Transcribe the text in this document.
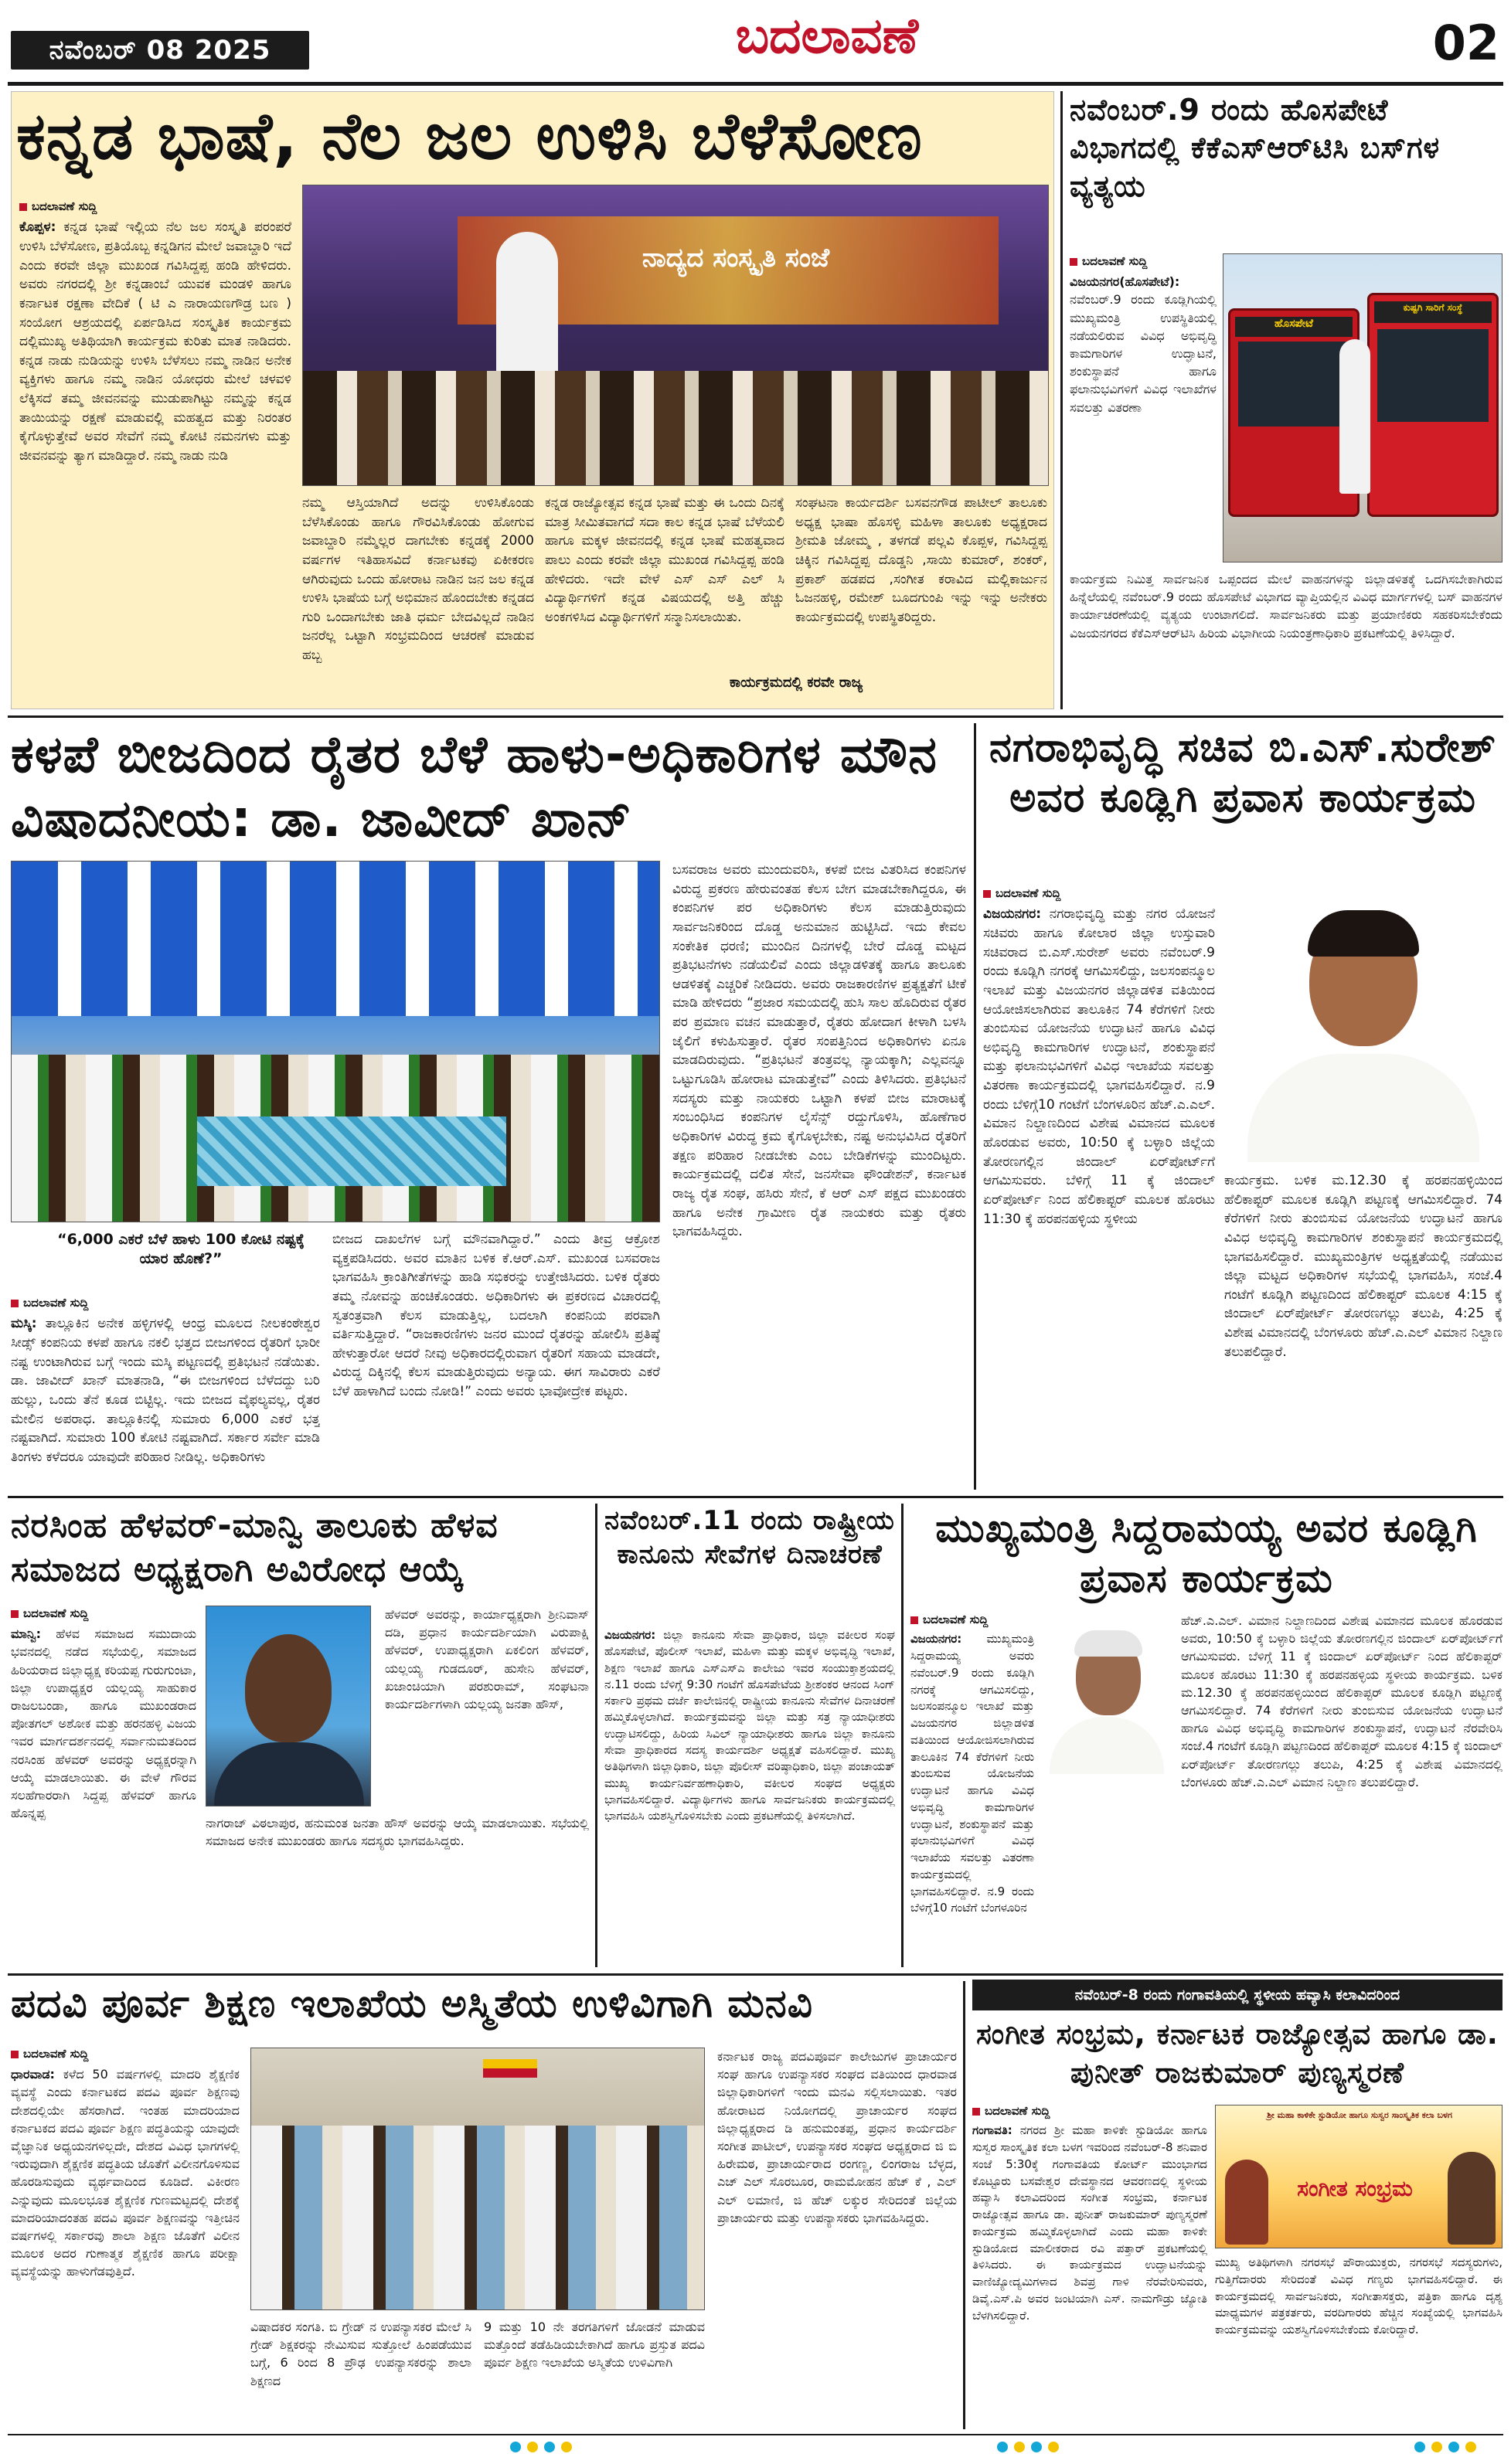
ನವೆಂಬರ್ 08 2025	ಬದಲಾವಣೆ	02
ಕನ್ನಡ ಭಾಷೆ, ನೆಲ ಜಲ ಉಳಿಸಿ ಬೆಳೆಸೋಣ
ಬದಲಾವಣೆ ಸುದ್ದಿ
ಕೊಪ್ಪಳ: ಕನ್ನಡ ಭಾಷೆ ಇಲ್ಲಿಯ ನೆಲ ಜಲ ಸಂಸ್ಕೃತಿ ಪರಂಪರೆ ಉಳಿಸಿ ಬೆಳೆಸೋಣ, ಪ್ರತಿಯೊಬ್ಬ ಕನ್ನಡಿಗನ ಮೇಲೆ ಜವಾಬ್ದಾರಿ ಇದೆ ಎಂದು ಕರವೇ ಜಿಲ್ಲಾ ಮುಖಂಡ ಗವಿಸಿದ್ದಪ್ಪ ಹಂಡಿ ಹೇಳಿದರು. ಅವರು ನಗರದಲ್ಲಿ ಶ್ರೀ ಕನ್ನಡಾಂಬೆ ಯುವಕ ಮಂಡಳಿ ಹಾಗೂ ಕರ್ನಾಟಕ ರಕ್ಷಣಾ ವೇದಿಕೆ ( ಟಿ ಎ ನಾರಾಯಣಗೌಡ್ರ ಬಣ ) ಸಂಯೋಗ ಆಶ್ರಯದಲ್ಲಿ ಏರ್ಪಡಿಸಿದ ಸಂಸ್ಕೃತಿಕ ಕಾರ್ಯಕ್ರಮ ದಲ್ಲಿಮುಖ್ಯ ಅತಿಥಿಯಾಗಿ ಕಾರ್ಯಕ್ರಮ ಕುರಿತು ಮಾತ ನಾಡಿದರು. ಕನ್ನಡ ನಾಡು ನುಡಿಯನ್ನು ಉಳಿಸಿ ಬೆಳೆಸಲು ನಮ್ಮ ನಾಡಿನ ಅನೇಕ ವ್ಯಕ್ತಿಗಳು ಹಾಗೂ ನಮ್ಮ ನಾಡಿನ ಯೋಧರು ಮೇಲೆ ಚಳವಳಿ ಲೆಕ್ಕಿಸದೆ ತಮ್ಮ ಜೀವನವನ್ನು ಮುಡುಪಾಗಿಟ್ಟು ನಮ್ಮನ್ನು ಕನ್ನಡ ತಾಯಿಯನ್ನು ರಕ್ಷಣೆ ಮಾಡುವಲ್ಲಿ ಮಹತ್ವದ ಮತ್ತು ನಿರಂತರ ಕೈಗೊಳ್ಳುತ್ತೇವೆ ಅವರ ಸೇವೆಗೆ ನಮ್ಮ ಕೋಟಿ ನಮನಗಳು ಮತ್ತು ಜೀವನವನ್ನು ತ್ಯಾಗ ಮಾಡಿದ್ದಾರೆ. ನಮ್ಮ ನಾಡು ನುಡಿ
ನಾದ್ಯದ ಸಂಸ್ಕೃತಿ ಸಂಜೆ
ನಮ್ಮ ಆಸ್ತಿಯಾಗಿದೆ ಅದನ್ನು ಉಳಿಸಿಕೊಂಡು ಬೆಳೆಸಿಕೊಂಡು ಹಾಗೂ ಗೌರವಿಸಿಕೊಂಡು ಹೋಗುವ ಜವಾಬ್ದಾರಿ ನಮ್ಮೆಲ್ಲರ ದಾಗಬೇಕು ಕನ್ನಡಕ್ಕೆ 2000 ವರ್ಷಗಳ ಇತಿಹಾಸವಿದೆ ಕರ್ನಾಟಕವು ಏಕೀಕರಣ ಆಗಿರುವುದು ಒಂದು ಹೋರಾಟ ನಾಡಿನ ಜನ ಜಲ ಕನ್ನಡ ಉಳಿಸಿ ಭಾಷೆಯ ಬಗ್ಗೆ ಅಭಿಮಾನ ಹೊಂದಬೇಕು ಕನ್ನಡದ ಗುರಿ ಒಂದಾಗಬೇಕು ಜಾತಿ ಧರ್ಮ ಬೇದವಿಲ್ಲದೆ ನಾಡಿನ ಜನರೆಲ್ಲ ಒಟ್ಟಾಗಿ ಸಂಭ್ರಮದಿಂದ ಆಚರಣೆ ಮಾಡುವ ಹಬ್ಬ
ಕನ್ನಡ ರಾಜ್ಯೋತ್ಸವ ಕನ್ನಡ ಭಾಷೆ ಮತ್ತು ಈ ಒಂದು ದಿನಕ್ಕೆ ಮಾತ್ರ ಸೀಮಿತವಾಗದೆ ಸದಾ ಕಾಲ ಕನ್ನಡ ಭಾಷೆ ಬೆಳೆಯಲಿ ಹಾಗೂ ಮಕ್ಕಳ ಜೀವನದಲ್ಲಿ ಕನ್ನಡ ಭಾಷೆ ಮಹತ್ವವಾದ ಪಾಲು ಎಂದು ಕರವೇ ಜಿಲ್ಲಾ ಮುಖಂಡ ಗವಿಸಿದ್ದಪ್ಪ ಹಂಡಿ ಹೇಳಿದರು. ಇದೇ ವೇಳೆ ಎಸ್ ಎಸ್ ಎಲ್ ಸಿ ವಿದ್ಯಾರ್ಥಿಗಳಿಗೆ ಕನ್ನಡ ವಿಷಯದಲ್ಲಿ ಅತ್ತಿ ಹೆಚ್ಚು ಅಂಕಗಳಿಸಿದ ವಿದ್ಯಾರ್ಥಿಗಳಿಗೆ ಸನ್ಮಾನಿಸಲಾಯಿತು.
ಸಂಘಟನಾ ಕಾರ್ಯದರ್ಶಿ ಬಸವನಗೌಡ ಪಾಟೀಲ್ ತಾಲೂಕು ಅಧ್ಯಕ್ಷ ಭಾಷಾ ಹೊಸಳ್ಳಿ ಮಹಿಳಾ ತಾಲೂಕು ಅಧ್ಯಕ್ಷರಾದ ಶ್ರೀಮತಿ ಜೋಮ್ಮ , ತಳಗಡೆ ಪಲ್ಲವಿ ಕೊಪ್ಪಳ, ಗವಿಸಿದ್ದಪ್ಪ ಚಿಕ್ಕಿನ ಗವಿಸಿದ್ದಪ್ಪ ದೊಡ್ಡನಿ ,ಸಾಯಿ ಕುಮಾರ್, ಶಂಕರ್, ಪ್ರಕಾಶ್ ಹಡಪದ ,ಸಂಗೀತ ಕರಾವಿದ ಮಲ್ಲಿಕಾರ್ಜುನ ಓಜನಹಳ್ಳಿ, ರಮೇಶ್ ಬೂದಗುಂಪಿ ಇನ್ನು ಇನ್ನು ಅನೇಕರು ಕಾರ್ಯಕ್ರಮದಲ್ಲಿ ಉಪಸ್ಥಿತರಿದ್ದರು.
ಕಾರ್ಯಕ್ರಮದಲ್ಲಿ ಕರವೇ ರಾಜ್ಯ
ನವೆಂಬರ್.9 ರಂದು ಹೊಸಪೇಟೆ ವಿಭಾಗದಲ್ಲಿ ಕೆಕೆಎಸ್‌ಆರ್‌ಟಿಸಿ ಬಸ್‌ಗಳ ವ್ಯತ್ಯಯ
ಬದಲಾವಣೆ ಸುದ್ದಿ
ವಿಜಯನಗರ(ಹೊಸಪೇಟೆ): ನವೆಂಬರ್.9 ರಂದು ಕೂಡ್ಲಿಗಿಯಲ್ಲಿ ಮುಖ್ಯಮಂತ್ರಿ ಉಪಸ್ಥಿತಿಯಲ್ಲಿ ನಡೆಯಲಿರುವ ವಿವಿಧ ಅಭಿವೃದ್ಧಿ ಕಾಮಗಾರಿಗಳ ಉದ್ಘಾಟನೆ, ಶಂಕುಸ್ಥಾಪನೆ ಹಾಗೂ ಫಲಾನುಭವಿಗಳಿಗೆ ವಿವಿಧ ಇಲಾಖೆಗಳ ಸವಲತ್ತು ವಿತರಣಾ
ಹೊಸಪೇಟೆ
ಕುಷ್ಟಗಿ ಸಾರಿಗೆ ಸಂಸ್ಥೆ
ಕಾರ್ಯಕ್ರಮ ನಿಮಿತ್ತ ಸಾರ್ವಜನಿಕ ಒಪ್ಪಂದದ ಮೇಲೆ ವಾಹನಗಳನ್ನು ಜಿಲ್ಲಾಡಳಿತಕ್ಕೆ ಒದಗಿಸಬೇಕಾಗಿರುವ ಹಿನ್ನೆಲೆಯಲ್ಲಿ ನವೆಂಬರ್.9 ರಂದು ಹೊಸಪೇಟೆ ವಿಭಾಗದ ವ್ಯಾಪ್ತಿಯಲ್ಲಿನ ವಿವಿಧ ಮಾರ್ಗಗಳಲ್ಲಿ ಬಸ್ ವಾಹನಗಳ ಕಾರ್ಯಾಚರಣೆಯಲ್ಲಿ ವ್ಯತ್ಯಯ ಉಂಟಾಗಲಿದೆ. ಸಾರ್ವಜನಿಕರು ಮತ್ತು ಪ್ರಯಾಣಿಕರು ಸಹಕರಿಸಬೇಕೆಂದು ವಿಜಯನಗರದ ಕೆಕೆಎಸ್‌ಆರ್‌ಟಿಸಿ ಹಿರಿಯ ವಿಭಾಗೀಯ ನಿಯಂತ್ರಣಾಧಿಕಾರಿ ಪ್ರಕಟಣೆಯಲ್ಲಿ ತಿಳಿಸಿದ್ದಾರೆ.
ಕಳಪೆ ಬೀಜದಿಂದ ರೈತರ ಬೆಳೆ ಹಾಳು-ಅಧಿಕಾರಿಗಳ ಮೌನ ವಿಷಾದನೀಯ: ಡಾ. ಜಾವೀದ್ ಖಾನ್
“6,000 ಎಕರೆ ಬೆಳೆ ಹಾಳು 100 ಕೋಟಿ ನಷ್ಟಕ್ಕೆ ಯಾರ ಹೊಣೆ?”
ಬದಲಾವಣೆ ಸುದ್ದಿ
ಮಸ್ಕಿ: ತಾಲ್ಲೂಕಿನ ಅನೇಕ ಹಳ್ಳಿಗಳಲ್ಲಿ ಆಂಧ್ರ ಮೂಲದ ನೀಲಕಂಠೇಶ್ವರ ಸೀಡ್ಸ್ ಕಂಪನಿಯ ಕಳಪೆ ಹಾಗೂ ನಕಲಿ ಭತ್ತದ ಬೀಜಗಳಿಂದ ರೈತರಿಗೆ ಭಾರೀ ನಷ್ಟ ಉಂಟಾಗಿರುವ ಬಗ್ಗೆ ಇಂದು ಮಸ್ಕಿ ಪಟ್ಟಣದಲ್ಲಿ ಪ್ರತಿಭಟನೆ ನಡೆಯಿತು. ಡಾ. ಜಾವೀದ್ ಖಾನ್ ಮಾತನಾಡಿ, “ಈ ಬೀಜಗಳಿಂದ ಬೆಳೆದದ್ದು ಬರಿ ಹುಲ್ಲು, ಒಂದು ತೆನೆ ಕೂಡ ಬಿಟ್ಟಿಲ್ಲ. ಇದು ಬೀಜದ ವೈಫಲ್ಯವಲ್ಲ, ರೈತರ ಮೇಲಿನ ಅಪರಾಧ. ತಾಲ್ಲೂಕಿನಲ್ಲಿ ಸುಮಾರು 6,000 ಎಕರೆ ಭತ್ತ ನಷ್ಟವಾಗಿದೆ. ಸುಮಾರು 100 ಕೋಟಿ ನಷ್ಟವಾಗಿದೆ. ಸರ್ಕಾರ ಸರ್ವೇ ಮಾಡಿ ತಿಂಗಳು ಕಳೆದರೂ ಯಾವುದೇ ಪರಿಹಾರ ನೀಡಿಲ್ಲ. ಅಧಿಕಾರಿಗಳು
ಬೀಜದ ದಾಖಲೆಗಳ ಬಗ್ಗೆ ಮೌನವಾಗಿದ್ದಾರೆ.” ಎಂದು ತೀವ್ರ ಆಕ್ರೋಶ ವ್ಯಕ್ತಪಡಿಸಿದರು. ಅವರ ಮಾತಿನ ಬಳಿಕ ಕೆ.ಆರ್.ಎಸ್. ಮುಖಂಡ ಬಸವರಾಜ ಭಾಗವಹಿಸಿ ಕ್ರಾಂತಿಗೀತೆಗಳನ್ನು ಹಾಡಿ ಸಭಿಕರನ್ನು ಉತ್ತೇಜಿಸಿದರು. ಬಳಿಕ ರೈತರು ತಮ್ಮ ನೋವನ್ನು ಹಂಚಿಕೊಂಡರು. ಅಧಿಕಾರಿಗಳು ಈ ಪ್ರಕರಣದ ವಿಚಾರದಲ್ಲಿ ಸ್ವತಂತ್ರವಾಗಿ ಕೆಲಸ ಮಾಡುತ್ತಿಲ್ಲ, ಬದಲಾಗಿ ಕಂಪನಿಯ ಪರವಾಗಿ ವರ್ತಿಸುತ್ತಿದ್ದಾರೆ. “ರಾಜಕಾರಣಿಗಳು ಜನರ ಮುಂದೆ ರೈತರನ್ನು ಹೋಲಿಸಿ ಪ್ರತಿಷ್ಠೆ ಹೇಳುತ್ತಾರೋ ಆದರೆ ನೀವು ಅಧಿಕಾರದಲ್ಲಿರುವಾಗ ರೈತರಿಗೆ ಸಹಾಯ ಮಾಡದೇ, ವಿರುದ್ಧ ದಿಕ್ಕಿನಲ್ಲಿ ಕೆಲಸ ಮಾಡುತ್ತಿರುವುದು ಅನ್ಯಾಯ. ಈಗ ಸಾವಿರಾರು ಎಕರೆ ಬೆಳೆ ಹಾಳಾಗಿದೆ ಬಂದು ನೋಡಿ!” ಎಂದು ಅವರು ಭಾವೋದ್ರೇಕ ಪಟ್ಟರು.
ಬಸವರಾಜ ಅವರು ಮುಂದುವರಿಸಿ, ಕಳಪೆ ಬೀಜ ವಿತರಿಸಿದ ಕಂಪನಿಗಳ ವಿರುದ್ಧ ಪ್ರಕರಣ ಹೇರುವಂತಹ ಕೆಲಸ ಬೇಗ ಮಾಡಬೇಕಾಗಿದ್ದರೂ, ಈ ಕಂಪನಿಗಳ ಪರ ಅಧಿಕಾರಿಗಳು ಕೆಲಸ ಮಾಡುತ್ತಿರುವುದು ಸಾರ್ವಜನಿಕರಿಂದ ದೊಡ್ಡ ಅನುಮಾನ ಹುಟ್ಟಿಸಿದೆ. ಇದು ಕೇವಲ ಸಂಕೇತಿಕ ಧರಣಿ; ಮುಂದಿನ ದಿನಗಳಲ್ಲಿ ಬೇರೆ ದೊಡ್ಡ ಮಟ್ಟದ ಪ್ರತಿಭಟನೆಗಳು ನಡೆಯಲಿವೆ ಎಂದು ಜಿಲ್ಲಾಡಳಿತಕ್ಕೆ ಹಾಗೂ ತಾಲೂಕು ಆಡಳಿತಕ್ಕೆ ಎಚ್ಚರಿಕೆ ನೀಡಿದರು. ಅವರು ರಾಜಕಾರಣಿಗಳ ಪ್ರತ್ಯಕ್ಷತೆಗೆ ಟೀಕೆ ಮಾಡಿ ಹೇಳಿದರು “ಪ್ರಜಾರ ಸಮಯದಲ್ಲಿ ಹುಸಿ ಸಾಲ ಹೊದಿರುವ ರೈತರ ಪರ ಪ್ರಮಾಣ ವಚನ ಮಾಡುತ್ತಾರೆ, ರೈತರು ಹೋದಾಗ ಕೀಳಾಗಿ ಬಳಸಿ ಜೈಲಿಗೆ ಕಳುಹಿಸುತ್ತಾರೆ. ರೈತರ ಸಂಪತ್ತಿನಿಂದ ಅಧಿಕಾರಿಗಳು ಏನೂ ಮಾಡದಿರುವುದು. “ಪ್ರತಿಭಟನೆ ತಂತ್ರವಲ್ಲ ನ್ಯಾಯಕ್ಕಾಗಿ; ಎಲ್ಲವನ್ನೂ ಒಟ್ಟುಗೂಡಿಸಿ ಹೋರಾಟ ಮಾಡುತ್ತೇವೆ” ಎಂದು ತಿಳಿಸಿದರು. ಪ್ರತಿಭಟನೆ ಸದಸ್ಯರು ಮತ್ತು ನಾಯಕರು ಒಟ್ಟಾಗಿ ಕಳಪೆ ಬೀಜ ಮಾರಾಟಕ್ಕೆ ಸಂಬಂಧಿಸಿದ ಕಂಪನಿಗಳ ಲೈಸೆನ್ಸ್ ರದ್ದುಗೊಳಿಸಿ, ಹೊಣೆಗಾರ ಅಧಿಕಾರಿಗಳ ವಿರುದ್ಧ ಕ್ರಮ ಕೈಗೊಳ್ಳಬೇಕು, ನಷ್ಟ ಅನುಭವಿಸಿದ ರೈತರಿಗೆ ತಕ್ಷಣ ಪರಿಹಾರ ನೀಡಬೇಕು ಎಂಬ ಬೇಡಿಕೆಗಳನ್ನು ಮುಂದಿಟ್ಟರು. ಕಾರ್ಯಕ್ರಮದಲ್ಲಿ ದಲಿತ ಸೇನೆ, ಜನಸೇವಾ ಫೌಂಡೇಶನ್, ಕರ್ನಾಟಕ ರಾಜ್ಯ ರೈತ ಸಂಘ, ಹಸಿರು ಸೇನೆ, ಕೆ ಆರ್ ಎಸ್ ಪಕ್ಷದ ಮುಖಂಡರು ಹಾಗೂ ಅನೇಕ ಗ್ರಾಮೀಣ ರೈತ ನಾಯಕರು ಮತ್ತು ರೈತರು ಭಾಗವಹಿಸಿದ್ದರು.
ನಗರಾಭಿವೃದ್ಧಿ ಸಚಿವ ಬಿ.ಎಸ್.ಸುರೇಶ್ ಅವರ ಕೂಡ್ಲಿಗಿ ಪ್ರವಾಸ ಕಾರ್ಯಕ್ರಮ
ಬದಲಾವಣೆ ಸುದ್ದಿ
ವಿಜಯನಗರ: ನಗರಾಭಿವೃದ್ಧಿ ಮತ್ತು ನಗರ ಯೋಜನೆ ಸಚಿವರು ಹಾಗೂ ಕೋಲಾರ ಜಿಲ್ಲಾ ಉಸ್ತುವಾರಿ ಸಚಿವರಾದ ಬಿ.ಎಸ್.ಸುರೇಶ್ ಅವರು ನವೆಂಬರ್.9 ರಂದು ಕೂಡ್ಲಿಗಿ ನಗರಕ್ಕೆ ಆಗಮಿಸಲಿದ್ದು, ಜಲಸಂಪನ್ಮೂಲ ಇಲಾಖೆ ಮತ್ತು ವಿಜಯನಗರ ಜಿಲ್ಲಾಡಳಿತ ವತಿಯಿಂದ ಆಯೋಜಿಸಲಾಗಿರುವ ತಾಲೂಕಿನ 74 ಕೆರೆಗಳಿಗೆ ನೀರು ತುಂಬಿಸುವ ಯೋಜನೆಯ ಉದ್ಘಾಟನೆ ಹಾಗೂ ವಿವಿಧ ಅಭಿವೃದ್ಧಿ ಕಾಮಗಾರಿಗಳ ಉದ್ಘಾಟನೆ, ಶಂಕುಸ್ಥಾಪನೆ ಮತ್ತು ಫಲಾನುಭವಿಗಳಿಗೆ ವಿವಿಧ ಇಲಾಖೆಯ ಸವಲತ್ತು ವಿತರಣಾ ಕಾರ್ಯಕ್ರಮದಲ್ಲಿ ಭಾಗವಹಿಸಲಿದ್ದಾರೆ. ನ.9 ರಂದು ಬೆಳಿಗ್ಗೆ10 ಗಂಟೆಗೆ ಬೆಂಗಳೂರಿನ ಹೆಚ್.ಎ.ಎಲ್. ವಿಮಾನ ನಿಲ್ದಾಣದಿಂದ ವಿಶೇಷ ವಿಮಾನದ ಮೂಲಕ ಹೊರಡುವ ಅವರು, 10:50 ಕ್ಕೆ ಬಳ್ಳಾರಿ ಜಿಲ್ಲೆಯ ತೋರಣಗಲ್ಲಿನ ಜಿಂದಾಲ್ ಏರ್‌ಪೋರ್ಟ್‌ಗೆ ಆಗಮಿಸುವರು. ಬೆಳಿಗ್ಗೆ 11 ಕ್ಕೆ ಜಿಂದಾಲ್ ಏರ್‌ಪೋರ್ಟ್ ನಿಂದ ಹೆಲಿಕಾಪ್ಟರ್ ಮೂಲಕ ಹೊರಟು 11:30 ಕ್ಕೆ ಹರಪನಹಳ್ಳಿಯ ಸ್ಥಳೀಯ
ಕಾರ್ಯಕ್ರಮ. ಬಳಿಕ ಮ.12.30 ಕ್ಕೆ ಹರಪನಹಳ್ಳಿಯಿಂದ ಹೆಲಿಕಾಪ್ಟರ್ ಮೂಲಕ ಕೂಡ್ಲಿಗಿ ಪಟ್ಟಣಕ್ಕೆ ಆಗಮಿಸಲಿದ್ದಾರೆ. 74 ಕೆರೆಗಳಿಗೆ ನೀರು ತುಂಬಿಸುವ ಯೋಜನೆಯ ಉದ್ಘಾಟನೆ ಹಾಗೂ ವಿವಿಧ ಅಭಿವೃದ್ಧಿ ಕಾಮಗಾರಿಗಳ ಶಂಕುಸ್ಥಾಪನೆ ಕಾರ್ಯಕ್ರಮದಲ್ಲಿ ಭಾಗವಹಿಸಲಿದ್ದಾರೆ. ಮುಖ್ಯಮಂತ್ರಿಗಳ ಅಧ್ಯಕ್ಷತೆಯಲ್ಲಿ ನಡೆಯುವ ಜಿಲ್ಲಾ ಮಟ್ಟದ ಅಧಿಕಾರಿಗಳ ಸಭೆಯಲ್ಲಿ ಭಾಗವಹಿಸಿ, ಸಂಜೆ.4 ಗಂಟೆಗೆ ಕೂಡ್ಲಿಗಿ ಪಟ್ಟಣದಿಂದ ಹೆಲಿಕಾಪ್ಟರ್ ಮೂಲಕ 4:15 ಕ್ಕೆ ಜಿಂದಾಲ್ ಏರ್‌ಪೋರ್ಟ್ ತೋರಣಗಲ್ಲು ತಲುಪಿ, 4:25 ಕ್ಕೆ ವಿಶೇಷ ವಿಮಾನದಲ್ಲಿ ಬೆಂಗಳೂರು ಹೆಚ್.ಎ.ಎಲ್ ವಿಮಾನ ನಿಲ್ದಾಣ ತಲುಪಲಿದ್ದಾರೆ.
ನರಸಿಂಹ ಹೆಳವರ್-ಮಾನ್ವಿ ತಾಲೂಕು ಹೆಳವ ಸಮಾಜದ ಅಧ್ಯಕ್ಷರಾಗಿ ಅವಿರೋಧ ಆಯ್ಕೆ
ಬದಲಾವಣೆ ಸುದ್ದಿ
ಮಾನ್ವಿ: ಹೆಳವ ಸಮಾಜದ ಸಮುದಾಯ ಭವನದಲ್ಲಿ ನಡೆದ ಸಭೆಯಲ್ಲಿ, ಸಮಾಜದ ಹಿರಿಯರಾದ ಜಿಲ್ಲಾಧ್ಯಕ್ಷ ಕರಿಯಪ್ಪ ಗುರುಗುಂಟಾ, ಜಿಲ್ಲಾ ಉಪಾಧ್ಯಕ್ಷರ ಯಲ್ಲಯ್ಯ ಸಾಹುಕಾರ ರಾಜಲಬಂಡಾ, ಹಾಗೂ ಮುಖಂಡರಾದ ಪೋತಗಲ್ ಅಶೋಕ ಮತ್ತು ಹರನಹಳ್ಳಿ ವಿಜಯ ಇವರ ಮಾರ್ಗದರ್ಶನದಲ್ಲಿ ಸರ್ವಾನುಮತದಿಂದ ನರಸಿಂಹ ಹೆಳವರ್ ಅವರನ್ನು ಅಧ್ಯಕ್ಷರನ್ನಾಗಿ ಆಯ್ಕೆ ಮಾಡಲಾಯಿತು. ಈ ವೇಳೆ ಗೌರವ ಸಲಹೆಗಾರರಾಗಿ ಸಿದ್ದಪ್ಪ ಹೆಳವರ್ ಹಾಗೂ ಹೊನ್ನಪ್ಪ
ಹೆಳವರ್ ಅವರನ್ನು, ಕಾರ್ಯಾಧ್ಯಕ್ಷರಾಗಿ ಶ್ರೀನಿವಾಸ್ ದಡಿ, ಪ್ರಧಾನ ಕಾರ್ಯದರ್ಶಿಯಾಗಿ ವಿರುಪಾಕ್ಷಿ ಹೆಳವರ್, ಉಪಾಧ್ಯಕ್ಷರಾಗಿ ಏಕಲಿಂಗ ಹೆಳವರ್, ಯಲ್ಲಯ್ಯ ಗುಡದೂರ್, ಹುಸೇನಿ ಹೆಳವರ್, ಖಜಾಂಚಿಯಾಗಿ ಪರಶುರಾಮ್, ಸಂಘಟನಾ ಕಾರ್ಯದರ್ಶಿಗಳಾಗಿ ಯಲ್ಲಯ್ಯ ಜನತಾ ಹೌಸ್,
ನಾಗರಾಜ್ ವಿಠಲಾಪುರ, ಹನುಮಂತ ಜನತಾ ಹೌಸ್ ಅವರನ್ನು ಆಯ್ಕೆ ಮಾಡಲಾಯಿತು. ಸಭೆಯಲ್ಲಿ ಸಮಾಜದ ಅನೇಕ ಮುಖಂಡರು ಹಾಗೂ ಸದಸ್ಯರು ಭಾಗವಹಿಸಿದ್ದರು.
ನವೆಂಬರ್.11 ರಂದು ರಾಷ್ಟ್ರೀಯ ಕಾನೂನು ಸೇವೆಗಳ ದಿನಾಚರಣೆ
ವಿಜಯನಗರ: ಜಿಲ್ಲಾ ಕಾನೂನು ಸೇವಾ ಪ್ರಾಧಿಕಾರ, ಜಿಲ್ಲಾ ವಕೀಲರ ಸಂಘ ಹೊಸಪೇಟೆ, ಪೊಲೀಸ್ ಇಲಾಖೆ, ಮಹಿಳಾ ಮತ್ತು ಮಕ್ಕಳ ಅಭಿವೃದ್ಧಿ ಇಲಾಖೆ, ಶಿಕ್ಷಣ ಇಲಾಖೆ ಹಾಗೂ ಎಸ್‌ಎಸ್‌ಎ ಕಾಲೇಜು ಇವರ ಸಂಯುಕ್ತಾಶ್ರಯದಲ್ಲಿ ನ.11 ರಂದು ಬೆಳಿಗ್ಗೆ 9:30 ಗಂಟೆಗೆ ಹೊಸಪೇಟೆಯ ಶ್ರೀಶಂಕರ ಆನಂದ ಸಿಂಗ್ ಸರ್ಕಾರಿ ಪ್ರಥಮ ದರ್ಜೆ ಕಾಲೇಜಿನಲ್ಲಿ ರಾಷ್ಟ್ರೀಯ ಕಾನೂನು ಸೇವೆಗಳ ದಿನಾಚರಣೆ ಹಮ್ಮಿಕೊಳ್ಳಲಾಗಿದೆ. ಕಾರ್ಯಕ್ರಮವನ್ನು ಜಿಲ್ಲಾ ಮತ್ತು ಸತ್ರ ನ್ಯಾಯಾಧೀಶರು ಉದ್ಘಾಟಿಸಲಿದ್ದು, ಹಿರಿಯ ಸಿವಿಲ್ ನ್ಯಾಯಾಧೀಶರು ಹಾಗೂ ಜಿಲ್ಲಾ ಕಾನೂನು ಸೇವಾ ಪ್ರಾಧಿಕಾರದ ಸದಸ್ಯ ಕಾರ್ಯದರ್ಶಿ ಅಧ್ಯಕ್ಷತೆ ವಹಿಸಲಿದ್ದಾರೆ. ಮುಖ್ಯ ಅತಿಥಿಗಳಾಗಿ ಜಿಲ್ಲಾಧಿಕಾರಿ, ಜಿಲ್ಲಾ ಪೊಲೀಸ್ ವರಿಷ್ಠಾಧಿಕಾರಿ, ಜಿಲ್ಲಾ ಪಂಚಾಯತ್ ಮುಖ್ಯ ಕಾರ್ಯನಿರ್ವಹಣಾಧಿಕಾರಿ, ವಕೀಲರ ಸಂಘದ ಅಧ್ಯಕ್ಷರು ಭಾಗವಹಿಸಲಿದ್ದಾರೆ. ವಿದ್ಯಾರ್ಥಿಗಳು ಹಾಗೂ ಸಾರ್ವಜನಿಕರು ಕಾರ್ಯಕ್ರಮದಲ್ಲಿ ಭಾಗವಹಿಸಿ ಯಶಸ್ವಿಗೊಳಿಸಬೇಕು ಎಂದು ಪ್ರಕಟಣೆಯಲ್ಲಿ ತಿಳಿಸಲಾಗಿದೆ.
ಮುಖ್ಯಮಂತ್ರಿ ಸಿದ್ದರಾಮಯ್ಯ ಅವರ ಕೂಡ್ಲಿಗಿ ಪ್ರವಾಸ ಕಾರ್ಯಕ್ರಮ
ಬದಲಾವಣೆ ಸುದ್ದಿ
ವಿಜಯನಗರ: ಮುಖ್ಯಮಂತ್ರಿ ಸಿದ್ದರಾಮಯ್ಯ ಅವರು ನವೆಂಬರ್.9 ರಂದು ಕೂಡ್ಲಿಗಿ ನಗರಕ್ಕೆ ಆಗಮಿಸಲಿದ್ದು, ಜಲಸಂಪನ್ಮೂಲ ಇಲಾಖೆ ಮತ್ತು ವಿಜಯನಗರ ಜಿಲ್ಲಾಡಳಿತ ವತಿಯಿಂದ ಆಯೋಜಿಸಲಾಗಿರುವ ತಾಲೂಕಿನ 74 ಕೆರೆಗಳಿಗೆ ನೀರು ತುಂಬಿಸುವ ಯೋಜನೆಯ ಉದ್ಘಾಟನೆ ಹಾಗೂ ವಿವಿಧ ಅಭಿವೃದ್ಧಿ ಕಾಮಗಾರಿಗಳ ಉದ್ಘಾಟನೆ, ಶಂಕುಸ್ಥಾಪನೆ ಮತ್ತು ಫಲಾನುಭವಿಗಳಿಗೆ ವಿವಿಧ ಇಲಾಖೆಯ ಸವಲತ್ತು ವಿತರಣಾ ಕಾರ್ಯಕ್ರಮದಲ್ಲಿ ಭಾಗವಹಿಸಲಿದ್ದಾರೆ. ನ.9 ರಂದು ಬೆಳಿಗ್ಗೆ10 ಗಂಟೆಗೆ ಬೆಂಗಳೂರಿನ
ಹೆಚ್.ಎ.ಎಲ್. ವಿಮಾನ ನಿಲ್ದಾಣದಿಂದ ವಿಶೇಷ ವಿಮಾನದ ಮೂಲಕ ಹೊರಡುವ ಅವರು, 10:50 ಕ್ಕೆ ಬಳ್ಳಾರಿ ಜಿಲ್ಲೆಯ ತೋರಣಗಲ್ಲಿನ ಜಿಂದಾಲ್ ಏರ್‌ಪೋರ್ಟ್‌ಗೆ ಆಗಮಿಸುವರು. ಬೆಳಿಗ್ಗೆ 11 ಕ್ಕೆ ಜಿಂದಾಲ್ ಏರ್‌ಪೋರ್ಟ್ ನಿಂದ ಹೆಲಿಕಾಪ್ಟರ್ ಮೂಲಕ ಹೊರಟು 11:30 ಕ್ಕೆ ಹರಪನಹಳ್ಳಿಯ ಸ್ಥಳೀಯ ಕಾರ್ಯಕ್ರಮ. ಬಳಿಕ ಮ.12.30 ಕ್ಕೆ ಹರಪನಹಳ್ಳಿಯಿಂದ ಹೆಲಿಕಾಪ್ಟರ್ ಮೂಲಕ ಕೂಡ್ಲಿಗಿ ಪಟ್ಟಣಕ್ಕೆ ಆಗಮಿಸಲಿದ್ದಾರೆ. 74 ಕೆರೆಗಳಿಗೆ ನೀರು ತುಂಬಿಸುವ ಯೋಜನೆಯ ಉದ್ಘಾಟನೆ ಹಾಗೂ ವಿವಿಧ ಅಭಿವೃದ್ಧಿ ಕಾಮಗಾರಿಗಳ ಶಂಕುಸ್ಥಾಪನೆ, ಉದ್ಘಾಟನೆ ನೆರವೇರಿಸಿ ಸಂಜೆ.4 ಗಂಟೆಗೆ ಕೂಡ್ಲಿಗಿ ಪಟ್ಟಣದಿಂದ ಹೆಲಿಕಾಪ್ಟರ್ ಮೂಲಕ 4:15 ಕ್ಕೆ ಜಿಂದಾಲ್ ಏರ್‌ಪೋರ್ಟ್ ತೋರಣಗಲ್ಲು ತಲುಪಿ, 4:25 ಕ್ಕೆ ವಿಶೇಷ ವಿಮಾನದಲ್ಲಿ ಬೆಂಗಳೂರು ಹೆಚ್.ಎ.ಎಲ್ ವಿಮಾನ ನಿಲ್ದಾಣ ತಲುಪಲಿದ್ದಾರೆ.
ಪದವಿ ಪೂರ್ವ ಶಿಕ್ಷಣ ಇಲಾಖೆಯ ಅಸ್ಮಿತೆಯ ಉಳಿವಿಗಾಗಿ ಮನವಿ
ಬದಲಾವಣೆ ಸುದ್ದಿ
ಧಾರವಾಡ: ಕಳೆದ 50 ವರ್ಷಗಳಲ್ಲಿ ಮಾದರಿ ಶೈಕ್ಷಣಿಕ ವ್ಯವಸ್ಥೆ ಎಂದು ಕರ್ನಾಟಕದ ಪದವಿ ಪೂರ್ವ ಶಿಕ್ಷಣವು ದೇಶದಲ್ಲಿಯೇ ಹೆಸರಾಗಿದೆ. ಇಂತಹ ಮಾದರಿಯಾದ ಕರ್ನಾಟಕದ ಪದವಿ ಪೂರ್ವ ಶಿಕ್ಷಣ ಪದ್ಧತಿಯನ್ನು ಯಾವುದೇ ವೈಜ್ಞಾನಿಕ ಅಧ್ಯಯನಗಳಿಲ್ಲದೇ, ದೇಶದ ವಿವಿಧ ಭಾಗಗಳಲ್ಲಿ ಇರುವುದಾಗಿ ಶೈಕ್ಷಣಿಕ ಪದ್ಧತಿಯ ಜೊತೆಗೆ ವಿಲೀನಗೊಳಿಸುವ ಹೊರಡಿಸುವುದು ವ್ಯರ್ಥವಾದಿಂದ ಕೂಡಿದೆ. ವಿಕೀರಣ ಎನ್ನುವುದು ಮೂಲಭೂತ ಶೈಕ್ಷಣಿಕ ಗುಣಮಟ್ಟದಲ್ಲಿ ದೇಶಕ್ಕೆ ಮಾದರಿಯಾದಂತಹ ಪದವಿ ಪೂರ್ವ ಶಿಕ್ಷಣವನ್ನು ಇತ್ತೀಚಿನ ವರ್ಷಗಳಲ್ಲಿ ಸರ್ಕಾರವು ಶಾಲಾ ಶಿಕ್ಷಣ ಜೊತೆಗೆ ವಿಲೀನ ಮೂಲಕ ಅದರ ಗುಣಾತ್ಮಕ ಶೈಕ್ಷಣಿಕ ಹಾಗೂ ಪರೀಕ್ಷಾ ವ್ಯವಸ್ಥೆಯನ್ನು ಹಾಳುಗೆಡವುತ್ತಿದೆ.
ವಿಷಾದಕರ ಸಂಗತಿ. ಬಿ ಗ್ರೇಡ್ ನ ಉಪನ್ಯಾಸಕರ ಮೇಲೆ ಸಿ ಗ್ರೇಡ್ ಶಿಕ್ಷಕರನ್ನು ನೇಮಿಸುವ ಸುತ್ತೋಲೆ ಹಿಂಪಡೆಯುವ ಬಗ್ಗೆ, 6 ರಿಂದ 8 ಪ್ರೌಢ ಉಪನ್ಯಾಸಕರನ್ನು ಶಾಲಾ ಶಿಕ್ಷಣದ
9 ಮತ್ತು 10 ನೇ ತರಗತಿಗಳಿಗೆ ಜೋಡನೆ ಮಾಡುವ ಮತ್ತೊಂದೆ ತಡೆಹಿಡಿಯಬೇಕಾಗಿದೆ ಹಾಗೂ ಪ್ರಸ್ತುತ ಪದವಿ ಪೂರ್ವ ಶಿಕ್ಷಣ ಇಲಾಖೆಯ ಅಸ್ಮಿತೆಯ ಉಳಿವಿಗಾಗಿ
ಕರ್ನಾಟಕ ರಾಜ್ಯ ಪದವಿಪೂರ್ವ ಕಾಲೇಜುಗಳ ಪ್ರಾಚಾರ್ಯರ ಸಂಘ ಹಾಗೂ ಉಪನ್ಯಾಸಕರ ಸಂಘದ ವತಿಯಿಂದ ಧಾರವಾಡ ಜಿಲ್ಲಾಧಿಕಾರಿಗಳಿಗೆ ಇಂದು ಮನವಿ ಸಲ್ಲಿಸಲಾಯಿತು. ಇತರ ಹೋರಾಟದ ನಿಯೋಗದಲ್ಲಿ ಪ್ರಾಚಾರ್ಯರ ಸಂಘದ ಜಿಲ್ಲಾಧ್ಯಕ್ಷರಾದ ಡಿ ಹನುಮಂತಪ್ಪ, ಪ್ರಧಾನ ಕಾರ್ಯದರ್ಶಿ ಸಂಗೀತ ಪಾಟೀಲ್, ಉಪನ್ಯಾಸಕರ ಸಂಘದ ಅಧ್ಯಕ್ಷರಾದ ಜಿ ಬಿ ಹಿರೇಮಠ, ಪ್ರಾಚಾರ್ಯರಾದ ರಂಗಣ್ಣ, ಲಿಂಗರಾಜ ಬೆಳ್ಳದ, ಎಚ್ ಎಲ್ ಸೊರಬೂರ, ರಾಮಮೋಹನ ಹೆಚ್ ಕೆ , ಎಲ್ ಎಲ್ ಲಮಾಣಿ, ಜಿ ಹೆಚ್ ಲಕ್ಕುರ ಸೇರಿದಂತೆ ಜಿಲ್ಲೆಯ ಪ್ರಾಚಾರ್ಯರು ಮತ್ತು ಉಪನ್ಯಾಸಕರು ಭಾಗವಹಿಸಿದ್ದರು.
ನವೆಂಬರ್-8 ರಂದು ಗಂಗಾವತಿಯಲ್ಲಿ ಸ್ಥಳೀಯ ಹವ್ಯಾಸಿ ಕಲಾವಿದರಿಂದ
ಸಂಗೀತ ಸಂಭ್ರಮ, ಕರ್ನಾಟಕ ರಾಜ್ಯೋತ್ಸವ ಹಾಗೂ ಡಾ. ಪುನೀತ್ ರಾಜಕುಮಾರ್ ಪುಣ್ಯಸ್ಮರಣೆ
ಬದಲಾವಣೆ ಸುದ್ದಿ
ಗಂಗಾವತಿ: ನಗರದ ಶ್ರೀ ಮಹಾ ಕಾಳಿಕೇ ಸ್ಟುಡಿಯೋ ಹಾಗೂ ಸುಸ್ವರ ಸಾಂಸ್ಕೃತಿಕ ಕಲಾ ಬಳಗ ಇವರಿಂದ ನವೆಂಬರ್-8 ಶನಿವಾರ ಸಂಜೆ 5:30ಕ್ಕೆ ಗಂಗಾವತಿಯ ಕೋರ್ಟ್ ಮುಂಭಾಗದ ಕೊಟ್ಟೂರು ಬಸವೇಶ್ವರ ದೇವಸ್ಥಾನದ ಆವರಣದಲ್ಲಿ ಸ್ಥಳೀಯ ಹವ್ಯಾಸಿ ಕಲಾವಿದರಿಂದ ಸಂಗೀತ ಸಂಭ್ರಮ, ಕರ್ನಾಟಕ ರಾಜ್ಯೋತ್ಸವ ಹಾಗೂ ಡಾ. ಪುನೀತ್ ರಾಜಕುಮಾರ್ ಪುಣ್ಯಸ್ಮರಣೆ ಕಾರ್ಯಕ್ರಮ ಹಮ್ಮಿಕೊಳ್ಳಲಾಗಿದೆ ಎಂದು ಮಹಾ ಕಾಳಿಕೇ ಸ್ಟುಡಿಯೋದ ಮಾಲೀಕರಾದ ರವಿ ಪತ್ತಾರ್ ಪ್ರಕಟಣೆಯಲ್ಲಿ ತಿಳಿಸಿದರು. ಈ ಕಾರ್ಯಕ್ರಮದ ಉದ್ಘಾಟನೆಯನ್ನು ವಾಣಿಜ್ಯೋದ್ಯಮಿಗಳಾದ ಶಿವಪ್ರ ಗಾಳಿ ನೆರವೇರಿಸುವರು, ಡಿವೈ.ಎಸ್.ಪಿ ಅವರ ಜಂಟಿಯಾಗಿ ಎಸ್. ನಾಮಗೌಡ್ರು ಜ್ಯೋತಿ ಬೆಳಗಿಸಲಿದ್ದಾರೆ.
ಶ್ರೀ ಮಹಾ ಕಾಳಿಕೇ ಸ್ಟುಡಿಯೋ ಹಾಗೂ ಸುಸ್ವರ ಸಾಂಸ್ಕೃತಿಕ ಕಲಾ ಬಳಗ
ಸಂಗೀತ ಸಂಭ್ರಮ
ಮುಖ್ಯ ಅತಿಥಿಗಳಾಗಿ ನಗರಸಭೆ ಪೌರಾಯುಕ್ತರು, ನಗರಸಭೆ ಸದಸ್ಯರುಗಳು, ಗುತ್ತಿಗೆದಾರರು ಸೇರಿದಂತೆ ವಿವಿಧ ಗಣ್ಯರು ಭಾಗವಹಿಸಲಿದ್ದಾರೆ. ಈ ಕಾರ್ಯಕ್ರಮದಲ್ಲಿ ಸಾರ್ವಜನಿಕರು, ಸಂಗೀತಾಸಕ್ತರು, ಪತ್ರಿಕಾ ಹಾಗೂ ದೃಶ್ಯ ಮಾಧ್ಯಮಗಳ ಪತ್ರಕರ್ತರು, ವರದಿಗಾರರು ಹೆಚ್ಚಿನ ಸಂಖ್ಯೆಯಲ್ಲಿ ಭಾಗವಹಿಸಿ ಕಾರ್ಯಕ್ರಮವನ್ನು ಯಶಸ್ವಿಗೊಳಿಸಬೇಕೆಂದು ಕೋರಿದ್ದಾರೆ.
